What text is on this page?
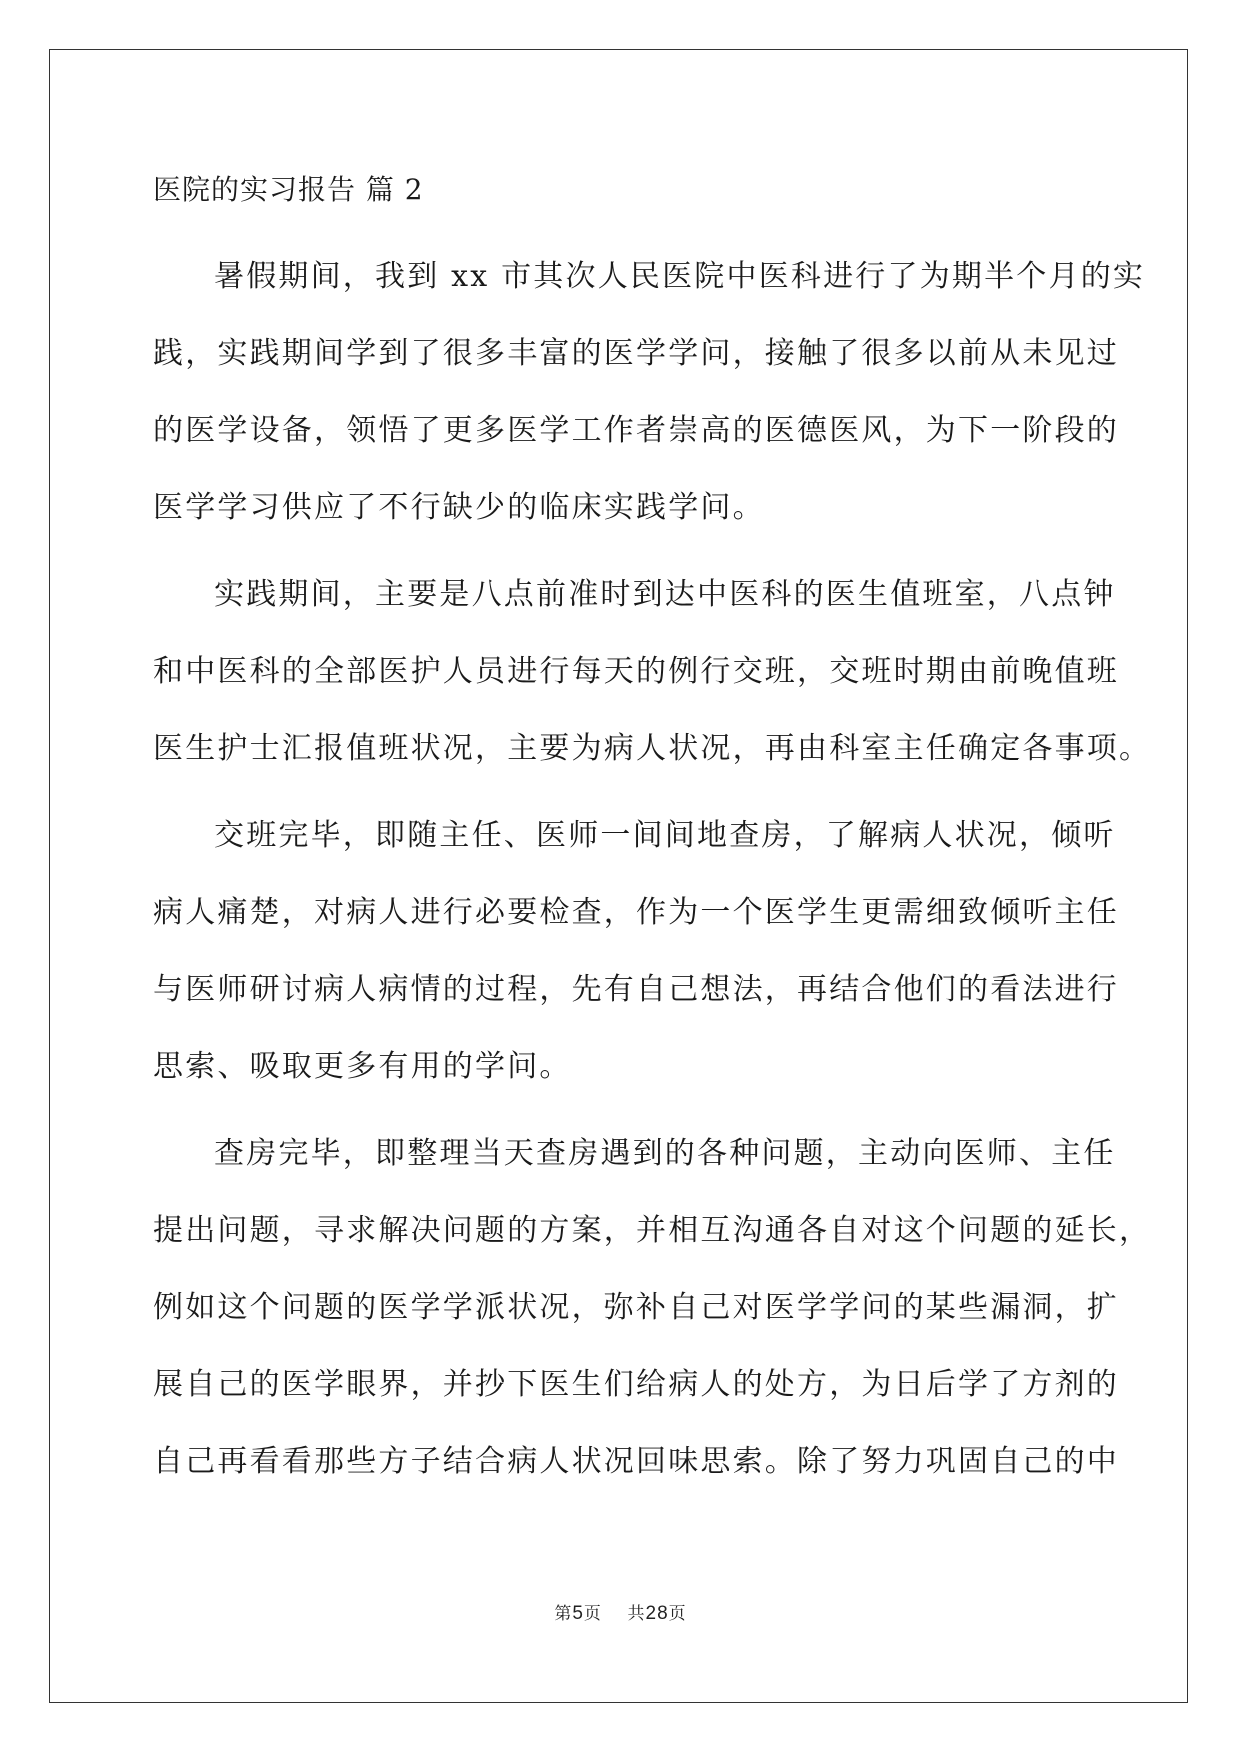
医院的实习报告 篇 2
暑假期间，我到 xx 市其次人民医院中医科进行了为期半个月的实
践，实践期间学到了很多丰富的医学学问，接触了很多以前从未见过
的医学设备，领悟了更多医学工作者崇高的医德医风，为下一阶段的
医学学习供应了不行缺少的临床实践学问。
实践期间，主要是八点前准时到达中医科的医生值班室，八点钟
和中医科的全部医护人员进行每天的例行交班，交班时期由前晚值班
医生护士汇报值班状况，主要为病人状况，再由科室主任确定各事项。
交班完毕，即随主任、医师一间间地查房，了解病人状况，倾听
病人痛楚，对病人进行必要检查，作为一个医学生更需细致倾听主任
与医师研讨病人病情的过程，先有自己想法，再结合他们的看法进行
思索、吸取更多有用的学问。
查房完毕，即整理当天查房遇到的各种问题，主动向医师、主任
提出问题，寻求解决问题的方案，并相互沟通各自对这个问题的延长，
例如这个问题的医学学派状况，弥补自己对医学学问的某些漏洞，扩
展自己的医学眼界，并抄下医生们给病人的处方，为日后学了方剂的
自己再看看那些方子结合病人状况回味思索。除了努力巩固自己的中
第5页 共28页
